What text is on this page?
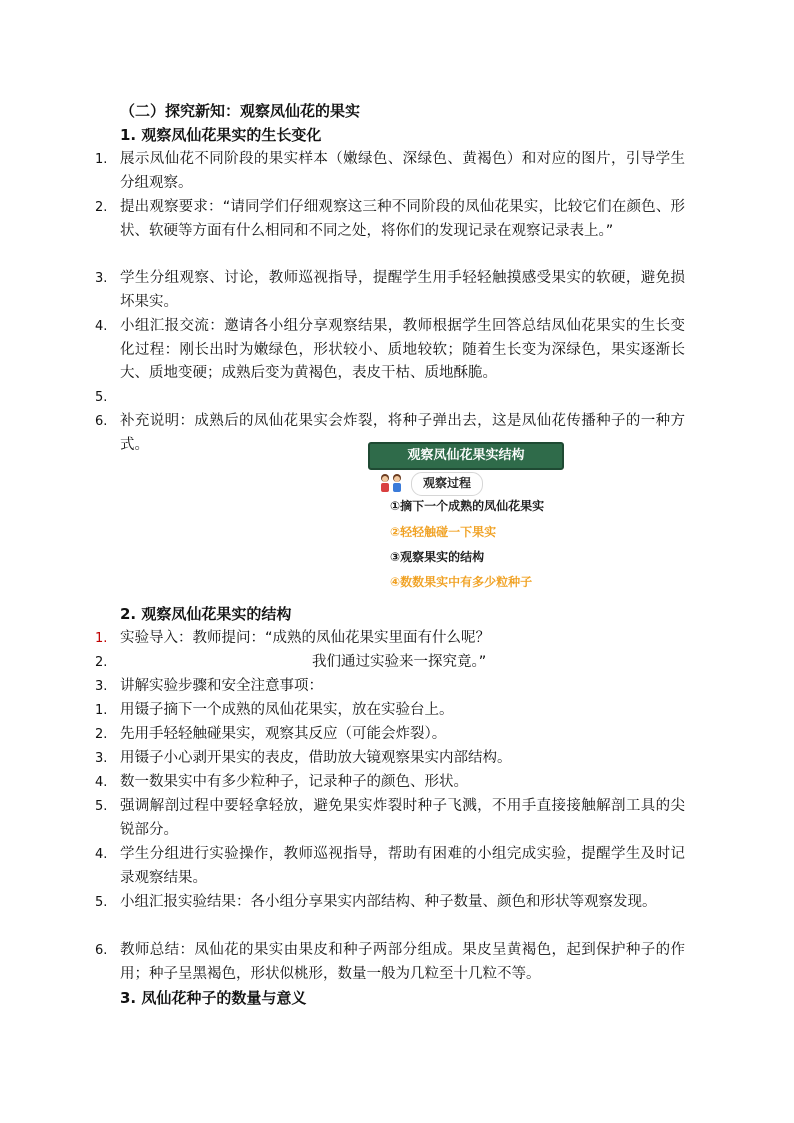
（二）探究新知：观察凤仙花的果实
1. 观察凤仙花果实的生长变化
1. 展示凤仙花不同阶段的果实样本（嫩绿色、深绿色、黄褐色）和对应的图片，引导学生分组观察。
2. 提出观察要求：“请同学们仔细观察这三种不同阶段的凤仙花果实，比较它们在颜色、形状、软硬等方面有什么相同和不同之处，将你们的发现记录在观察记录表上。”
3. 学生分组观察、讨论，教师巡视指导，提醒学生用手轻轻触摸感受果实的软硬，避免损坏果实。
4. 小组汇报交流：邀请各小组分享观察结果，教师根据学生回答总结凤仙花果实的生长变化过程：刚长出时为嫩绿色，形状较小、质地较软；随着生长变为深绿色，果实逐渐长大、质地变硬；成熟后变为黄褐色，表皮干枯、质地酥脆。
5.
6. 补充说明：成熟后的凤仙花果实会炸裂，将种子弹出去，这是凤仙花传播种子的一种方式。
观察凤仙花果实结构
观察过程
①摘下一个成熟的凤仙花果实
②轻轻触碰一下果实
③观察果实的结构
④数数果实中有多少粒种子
2. 观察凤仙花果实的结构
1. 实验导入：教师提问：“成熟的凤仙花果实里面有什么呢？
2.	我们通过实验来一探究竟。”
3. 讲解实验步骤和安全注意事项：
1. 用镊子摘下一个成熟的凤仙花果实，放在实验台上。
2. 先用手轻轻触碰果实，观察其反应（可能会炸裂）。
3. 用镊子小心剥开果实的表皮，借助放大镜观察果实内部结构。
4. 数一数果实中有多少粒种子，记录种子的颜色、形状。
5. 强调解剖过程中要轻拿轻放，避免果实炸裂时种子飞溅，不用手直接接触解剖工具的尖锐部分。
4. 学生分组进行实验操作，教师巡视指导，帮助有困难的小组完成实验，提醒学生及时记录观察结果。
5. 小组汇报实验结果：各小组分享果实内部结构、种子数量、颜色和形状等观察发现。
6. 教师总结：凤仙花的果实由果皮和种子两部分组成。果皮呈黄褐色，起到保护种子的作用；种子呈黑褐色，形状似桃形，数量一般为几粒至十几粒不等。
3. 凤仙花种子的数量与意义
